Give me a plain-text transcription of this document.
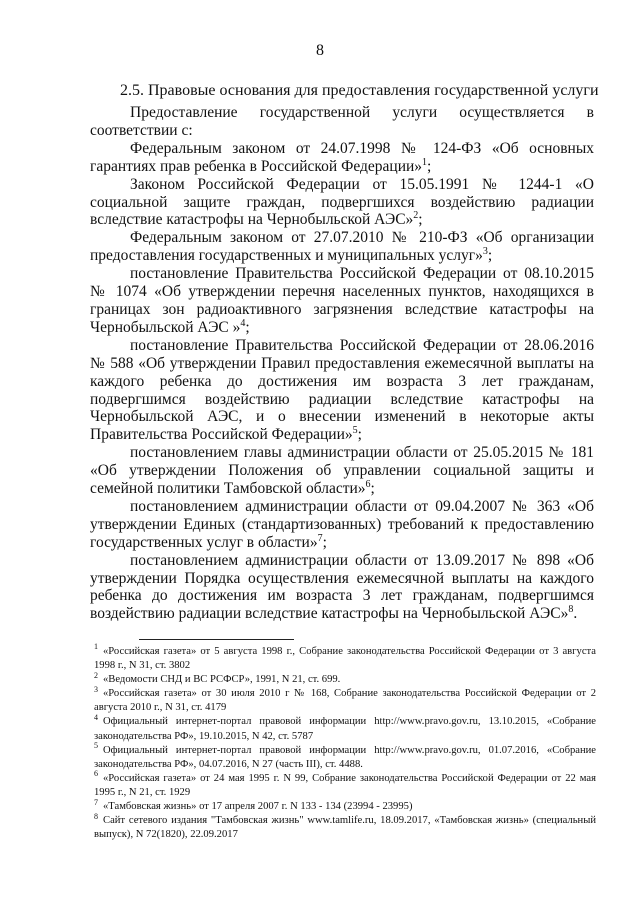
8
2.5. Правовые основания для предоставления государственной услуги

Предоставление государственной услуги осуществляется в соответствии с:

Федеральным законом от 24.07.1998 № 124-ФЗ «Об основных гарантиях прав ребенка в Российской Федерации»$^1$;

Законом Российской Федерации от 15.05.1991 № 1244-1 «О социальной защите граждан, подвергшихся воздействию радиации вследствие катастрофы на Чернобыльской АЭС»$^2$;

Федеральным законом от 27.07.2010 № 210-ФЗ «Об организации предоставления государственных и муниципальных услуг»$^3$;

постановление Правительства Российской Федерации от 08.10.2015 № 1074 «Об утверждении перечня населенных пунктов, находящихся в границах зон радиоактивного загрязнения вследствие катастрофы на Чернобыльской АЭС »$^4$;

постановление Правительства Российской Федерации от 28.06.2016 № 588 «Об утверждении Правил предоставления ежемесячной выплаты на каждого ребенка до достижения им возраста 3 лет гражданам, подвергшимся воздействию радиации вследствие катастрофы на Чернобыльской АЭС, и о внесении изменений в некоторые акты Правительства Российской Федерации»$^5$;

постановлением главы администрации области от 25.05.2015 № 181 «Об утверждении Положения об управлении социальной защиты и семейной политики Тамбовской области»$^6$;

постановлением администрации области от 09.04.2007 № 363 «Об утверждении Единых (стандартизованных) требований к предоставлению государственных услуг в области»$^7$;

постановлением администрации области от 13.09.2017 № 898 «Об утверждении Порядка осуществления ежемесячной выплаты на каждого ребенка до достижения им возраста 3 лет гражданам, подвергшимся воздействию радиации вследствие катастрофы на Чернобыльской АЭС»$^8$.

$^1$ «Российская газета» от 5 августа 1998 г., Собрание законодательства Российской Федерации от 3 августа 1998 г., N 31, ст. 3802

$^2$ «Ведомости СНД и ВС РСФСР», 1991, N 21, ст. 699.

$^3$ «Российская газета» от 30 июля 2010 г № 168, Собрание законодательства Российской Федерации от 2 августа 2010 г., N 31, ст. 4179

$^4$ Официальный интернет-портал правовой информации http://www.pravo.gov.ru, 13.10.2015, «Собрание законодательства РФ», 19.10.2015, N 42, ст. 5787

$^5$ Официальный интернет-портал правовой информации http://www.pravo.gov.ru, 01.07.2016, «Собрание законодательства РФ», 04.07.2016, N 27 (часть III), ст. 4488.

$^6$ «Российская газета» от 24 мая 1995 г. N 99, Собрание законодательства Российской Федерации от 22 мая 1995 г., N 21, ст. 1929

$^7$ «Тамбовская жизнь» от 17 апреля 2007 г. N 133 - 134 (23994 - 23995)

$^8$ Сайт сетевого издания "Тамбовская жизнь" www.tamlife.ru, 18.09.2017, «Тамбовская жизнь» (специальный выпуск), N 72(1820), 22.09.2017
